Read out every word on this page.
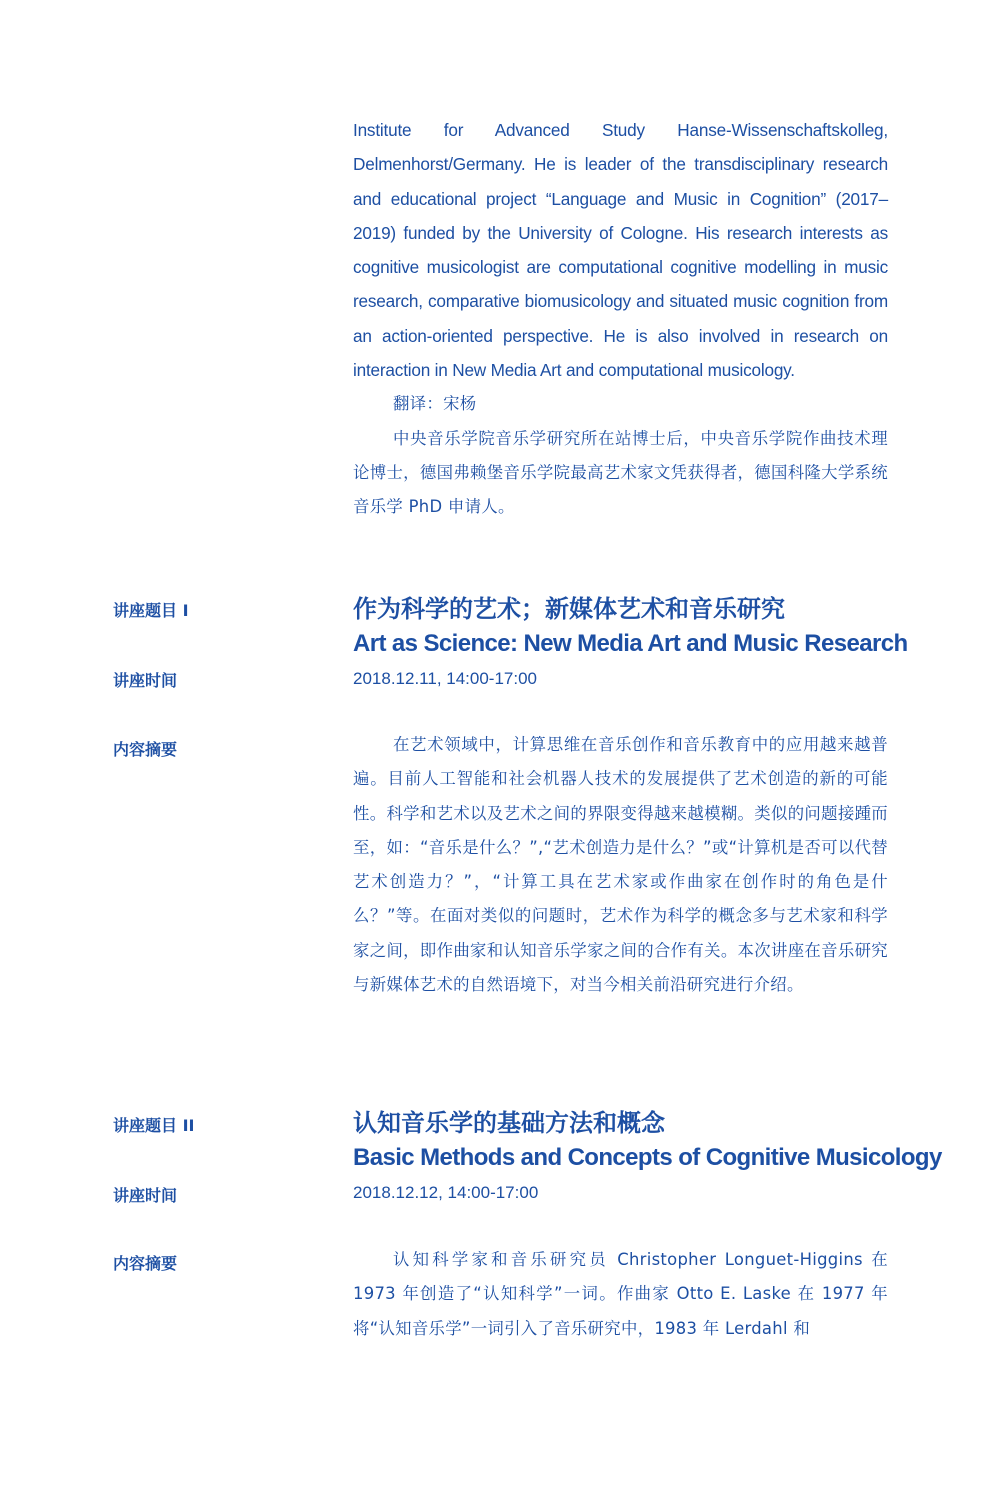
Institute for Advanced Study Hanse-Wissenschaftskolleg, Delmenhorst/Germany. He is leader of the transdisciplinary research and educational project “Language and Music in Cognition” (2017–2019) funded by the University of Cologne. His research interests as cognitive musicologist are computational cognitive modelling in music research, comparative biomusicology and situated music cognition from an action-oriented perspective. He is also involved in research on interaction in New Media Art and computational musicology.

翻译：宋杨

中央音乐学院音乐学研究所在站博士后，中央音乐学院作曲技术理论博士，德国弗赖堡音乐学院最高艺术家文凭获得者，德国科隆大学系统音乐学 PhD 申请人。

讲座题目 I	作为科学的艺术；新媒体艺术和音乐研究
Art as Science: New Media Art and Music Research
讲座时间	2018.12.11, 14:00-17:00
内容摘要	在艺术领域中，计算思维在音乐创作和音乐教育中的应用越来越普遍。目前人工智能和社会机器人技术的发展提供了艺术创造的新的可能性。科学和艺术以及艺术之间的界限变得越来越模糊。类似的问题接踵而至，如：“音乐是什么？”,“艺术创造力是什么？”或“计算机是否可以代替艺术创造力？”，“计算工具在艺术家或作曲家在创作时的角色是什么？”等。在面对类似的问题时，艺术作为科学的概念多与艺术家和科学家之间，即作曲家和认知音乐学家之间的合作有关。本次讲座在音乐研究与新媒体艺术的自然语境下，对当今相关前沿研究进行介绍。

讲座题目 II	认知音乐学的基础方法和概念
Basic Methods and Concepts of Cognitive Musicology
讲座时间	2018.12.12, 14:00-17:00
内容摘要	认知科学家和音乐研究员 Christopher Longuet-Higgins 在 1973 年创造了“认知科学”一词。作曲家 Otto E. Laske 在 1977 年将“认知音乐学”一词引入了音乐研究中，1983 年 Lerdahl 和
